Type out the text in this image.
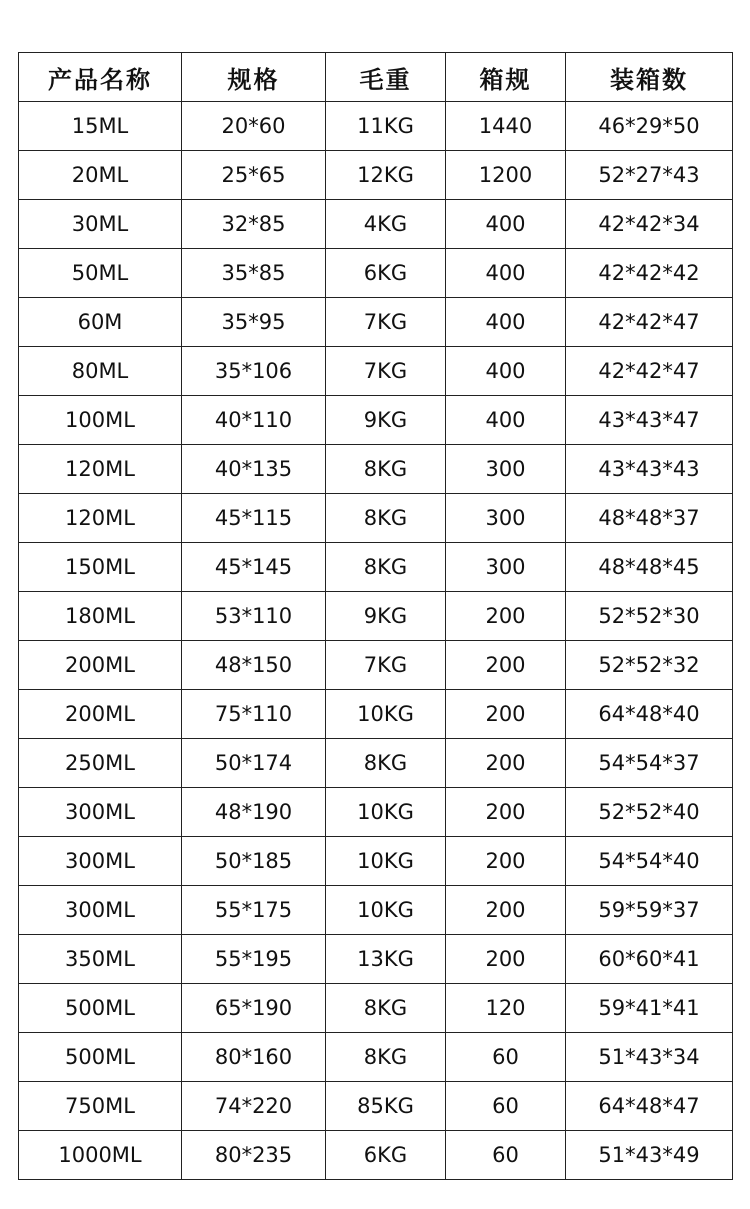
产品名称	规格	毛重	箱规	装箱数
15ML	20*60	11KG	1440	46*29*50
20ML	25*65	12KG	1200	52*27*43
30ML	32*85	4KG	400	42*42*34
50ML	35*85	6KG	400	42*42*42
60M	35*95	7KG	400	42*42*47
80ML	35*106	7KG	400	42*42*47
100ML	40*110	9KG	400	43*43*47
120ML	40*135	8KG	300	43*43*43
120ML	45*115	8KG	300	48*48*37
150ML	45*145	8KG	300	48*48*45
180ML	53*110	9KG	200	52*52*30
200ML	48*150	7KG	200	52*52*32
200ML	75*110	10KG	200	64*48*40
250ML	50*174	8KG	200	54*54*37
300ML	48*190	10KG	200	52*52*40
300ML	50*185	10KG	200	54*54*40
300ML	55*175	10KG	200	59*59*37
350ML	55*195	13KG	200	60*60*41
500ML	65*190	8KG	120	59*41*41
500ML	80*160	8KG	60	51*43*34
750ML	74*220	85KG	60	64*48*47
1000ML	80*235	6KG	60	51*43*49
